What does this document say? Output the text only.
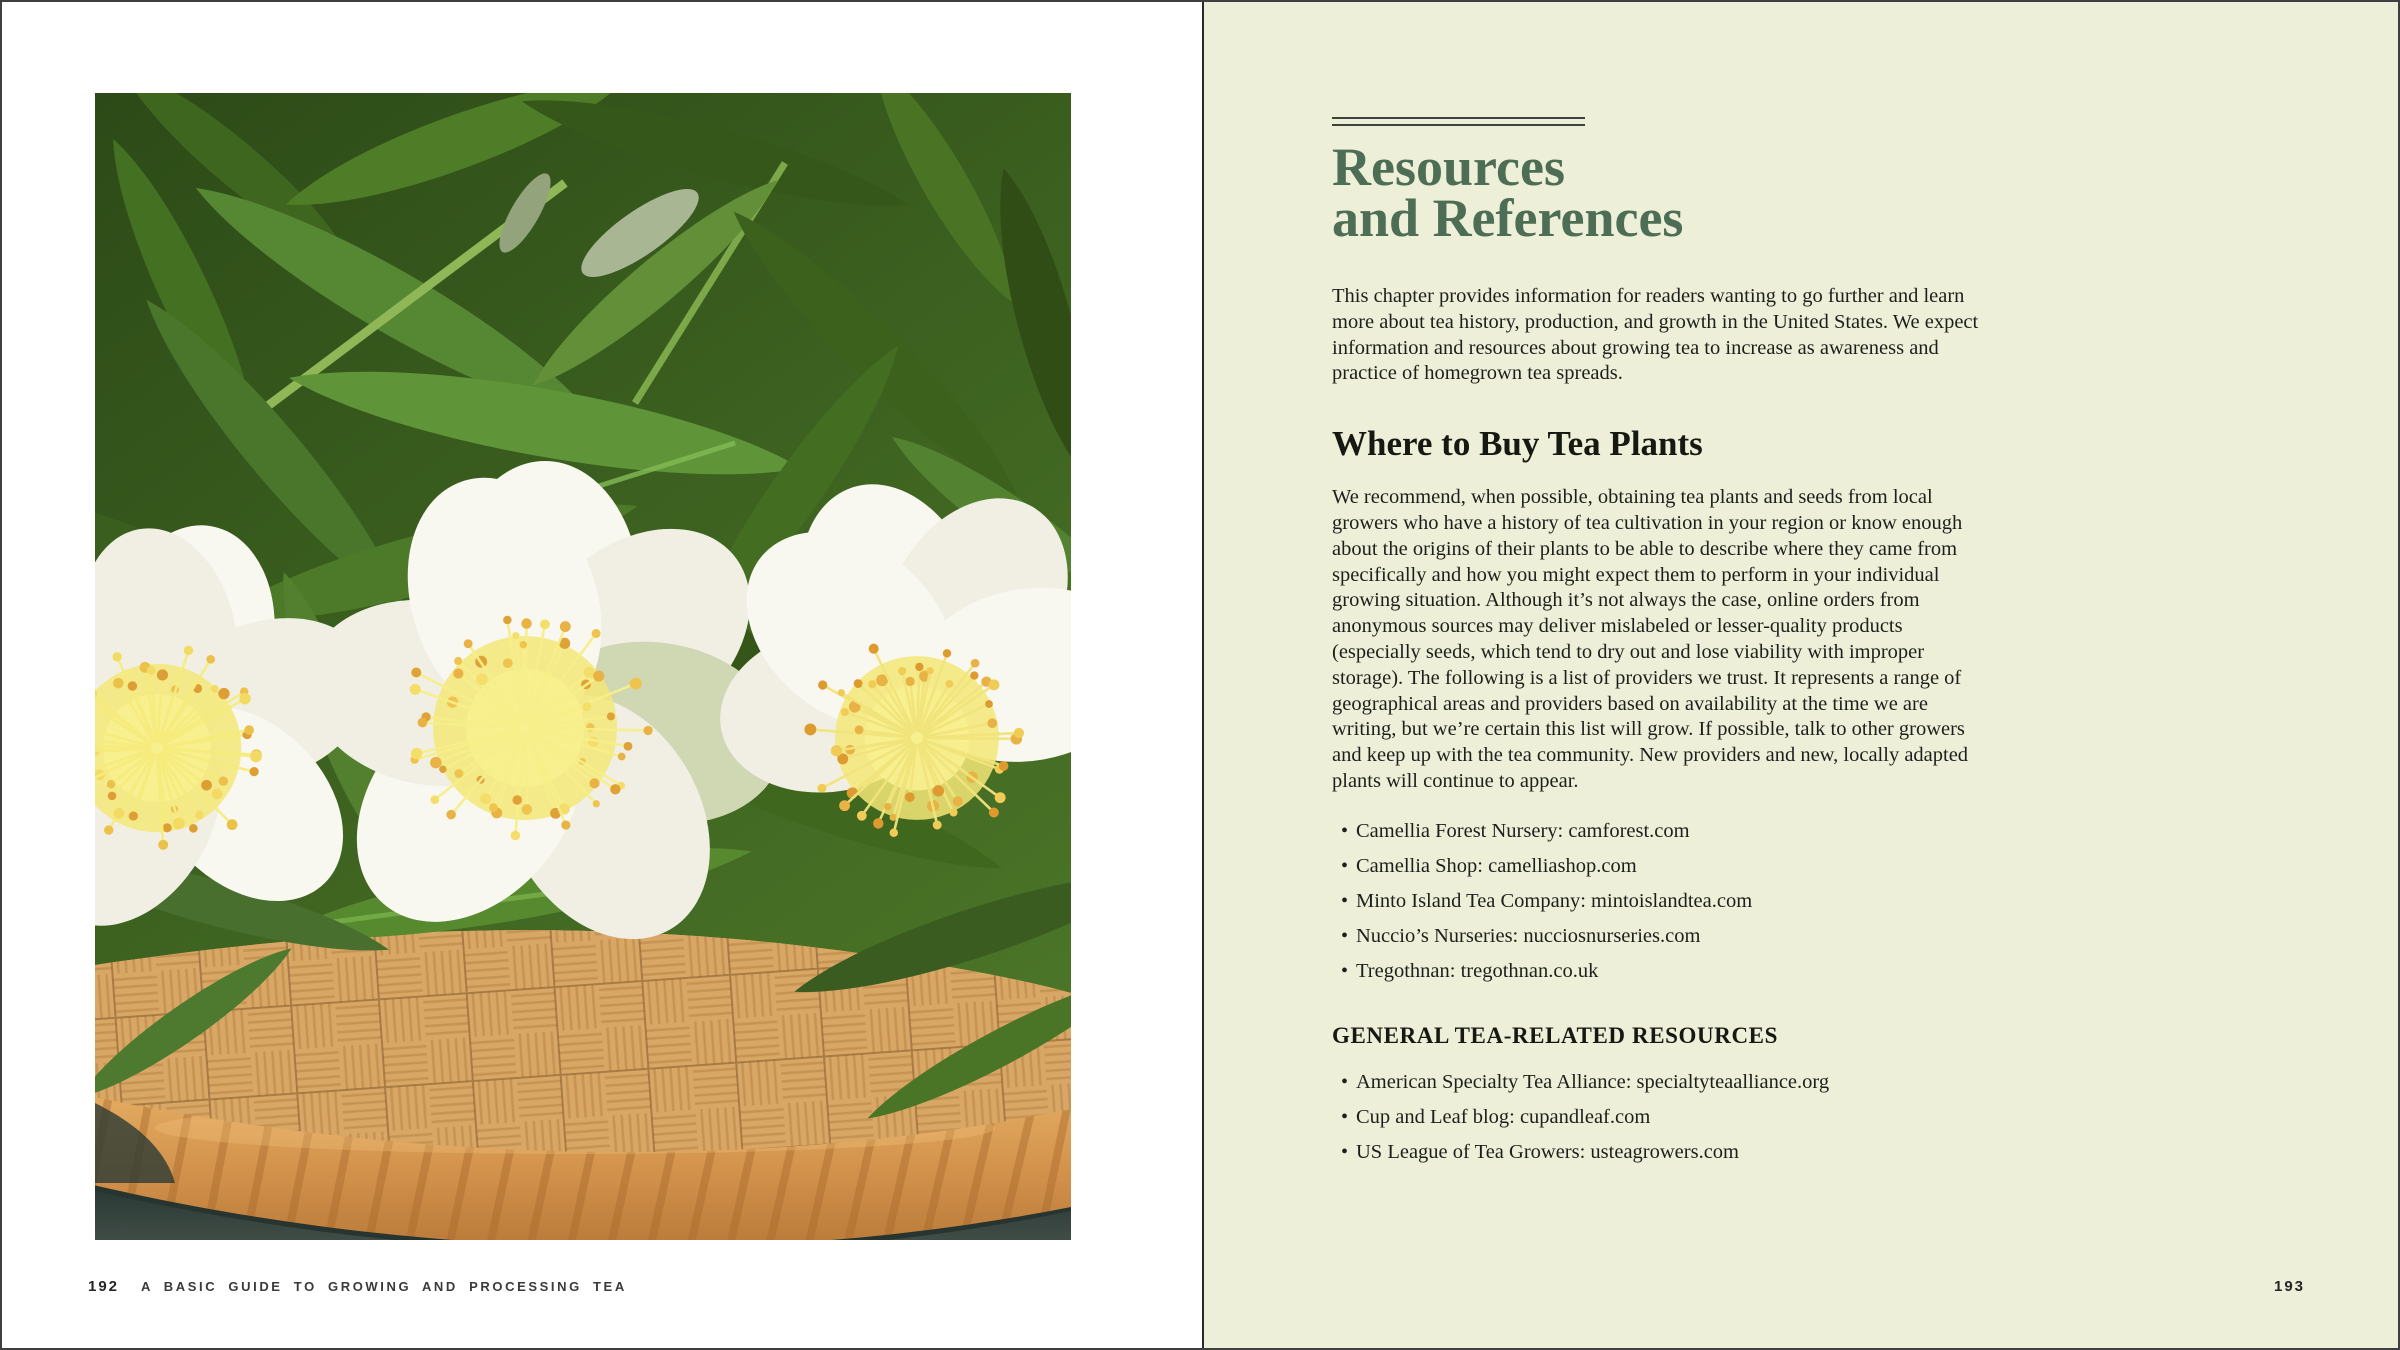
192 A BASIC GUIDE TO GROWING AND PROCESSING TEA
Resources
and References

This chapter provides information for readers wanting to go further and learn more about tea history, production, and growth in the United States. We expect information and resources about growing tea to increase as awareness and practice of homegrown tea spreads.

Where to Buy Tea Plants

We recommend, when possible, obtaining tea plants and seeds from local growers who have a history of tea cultivation in your region or know enough about the origins of their plants to be able to describe where they came from specifically and how you might expect them to perform in your individual growing situation. Although it’s not always the case, online orders from anonymous sources may deliver mislabeled or lesser-quality products (especially seeds, which tend to dry out and lose viability with improper storage). The following is a list of providers we trust. It represents a range of geographical areas and providers based on availability at the time we are writing, but we’re certain this list will grow. If possible, talk to other growers and keep up with the tea community. New providers and new, locally adapted plants will continue to appear.

• Camellia Forest Nursery: camforest.com
• Camellia Shop: camelliashop.com
• Minto Island Tea Company: mintoislandtea.com
• Nuccio’s Nurseries: nucciosnurseries.com
• Tregothnan: tregothnan.co.uk
GENERAL TEA-RELATED RESOURCES
• American Specialty Tea Alliance: specialtyteaalliance.org
• Cup and Leaf blog: cupandleaf.com
• US League of Tea Growers: usteagrowers.com
193
